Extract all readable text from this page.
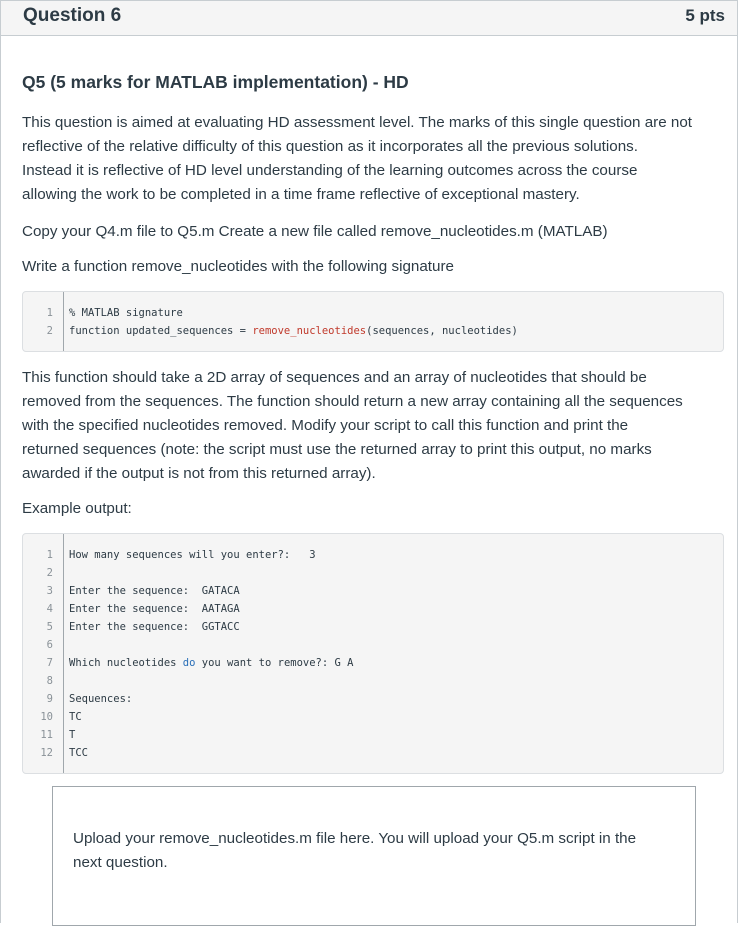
Question 6	5 pts
Q5 (5 marks for MATLAB implementation) - HD
This question is aimed at evaluating HD assessment level. The marks of this single question are not
reflective of the relative difficulty of this question as it incorporates all the previous solutions.
Instead it is reflective of HD level understanding of the learning outcomes across the course
allowing the work to be completed in a time frame reflective of exceptional mastery.
Copy your Q4.m file to Q5.m Create a new file called remove_nucleotides.m (MATLAB)
Write a function remove_nucleotides with the following signature
1 % MATLAB signature
2 function updated_sequences = remove_nucleotides(sequences, nucleotides)
This function should take a 2D array of sequences and an array of nucleotides that should be
removed from the sequences. The function should return a new array containing all the sequences
with the specified nucleotides removed. Modify your script to call this function and print the
returned sequences (note: the script must use the returned array to print this output, no marks
awarded if the output is not from this returned array).
Example output:
1 How many sequences will you enter?:   3
2
3 Enter the sequence:  GATACA
4 Enter the sequence:  AATAGA
5 Enter the sequence:  GGTACC
6
7 Which nucleotides do you want to remove?: G A
8
9 Sequences:
10 TC
11 T
12 TCC
Upload your remove_nucleotides.m file here. You will upload your Q5.m script in the
next question.
